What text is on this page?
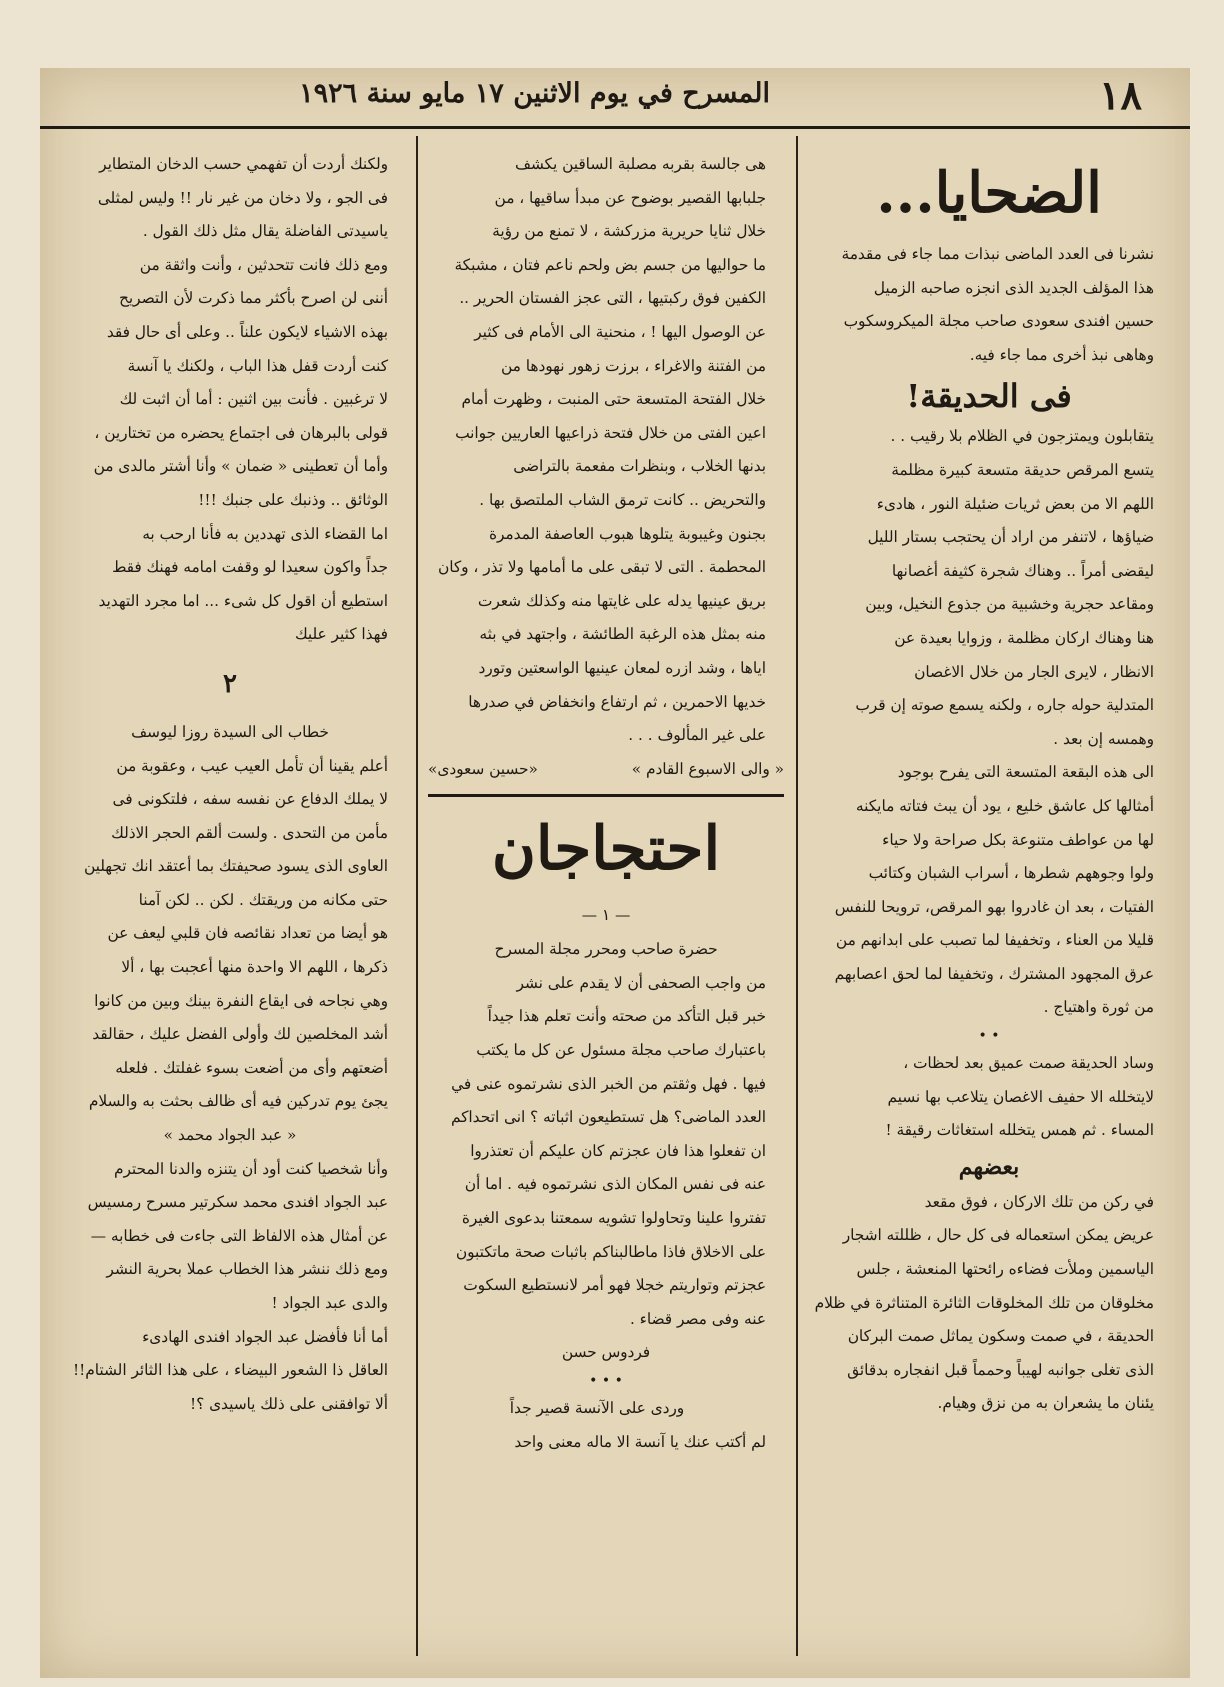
١٨
المسرح في يوم الاثنين ١٧ مايو سنة ١٩٢٦
الضحايا...

نشرنا فى العدد الماضى نبذات مما جاء فى مقدمة

هذا المؤلف الجديد الذى انجزه صاحبه الزميل

حسين افندى سعودى صاحب مجلة الميكروسكوب

وهاهى نبذ أخرى مما جاء فيه.

فى الحديقة!

يتقابلون ويمتزجون في الظلام بلا رقيب . .

يتسع المرقص حديقة متسعة كبيرة مظلمة

اللهم الا من بعض ثريات ضئيلة النور ، هادىء

ضياؤها ، لاتنفر من اراد أن يحتجب بستار الليل

ليقضى أمراً .. وهناك شجرة كثيفة أغصانها

ومقاعد حجرية وخشبية من جذوع النخيل، وبين

هنا وهناك اركان مظلمة ، وزوايا بعيدة عن

الانظار ، لايرى الجار من خلال الاغصان

المتدلية حوله جاره ، ولكنه يسمع صوته إن قرب

وهمسه إن بعد .

الى هذه البقعة المتسعة التى يفرح بوجود

أمثالها كل عاشق خليع ، يود أن يبث فتاته مايكنه

لها من عواطف متنوعة بكل صراحة ولا حياء

ولوا وجوههم شطرها ، أسراب الشبان وكتائب

الفتيات ، بعد ان غادروا بهو المرقص، ترويحا للنفس

قليلا من العناء ، وتخفيفا لما تصبب على ابدانهم من

عرق المجهود المشترك ، وتخفيفا لما لحق اعصابهم

من ثورة واهتياج .

• •

وساد الحديقة صمت عميق بعد لحظات ،

لايتخلله الا حفيف الاغصان يتلاعب بها نسيم

المساء . ثم همس يتخلله استغاثات رقيقة !

بعضهم

في ركن من تلك الاركان ، فوق مقعد

عريض يمكن استعماله فى كل حال ، ظللته اشجار

الياسمين وملأت فضاءه رائحتها المنعشة ، جلس

مخلوقان من تلك المخلوقات الثائرة المتناثرة في ظلام

الحديقة ، في صمت وسكون يماثل صمت البركان

الذى تغلى جوانبه لهيباً وحمماً قبل انفجاره بدقائق

يئنان ما يشعران به من نزق وهيام.

هى جالسة بقربه مصلبة الساقين يكشف

جلبابها القصير بوضوح عن مبدأ ساقيها ، من

خلال ثنايا حريرية مزركشة ، لا تمنع من رؤية

ما حواليها من جسم بض ولحم ناعم فتان ، مشبكة

الكفين فوق ركبتيها ، التى عجز الفستان الحرير ..

عن الوصول اليها ! ، منحنية الى الأمام فى كثير

من الفتنة والاغراء ، برزت زهور نهودها من

خلال الفتحة المتسعة حتى المنبت ، وظهرت أمام

اعين الفتى من خلال فتحة ذراعيها العاريين جوانب

بدنها الخلاب ، وبنظرات مفعمة بالتراضى

والتحريض .. كانت ترمق الشاب الملتصق بها .

بجنون وغيبوبة يتلوها هبوب العاصفة المدمرة

المحطمة . التى لا تبقى على ما أمامها ولا تذر ، وكان

بريق عينيها يدله على غايتها منه وكذلك شعرت

منه بمثل هذه الرغبة الطائشة ، واجتهد في بثه

اياها ، وشد ازره لمعان عينيها الواسعتين وتورد

خديها الاحمرين ، ثم ارتفاع وانخفاض في صدرها

على غير المألوف . . .

« والى الاسبوع القادم »
«حسين سعودى»
احتجاجان
— ١ —
حضرة صاحب ومحرر مجلة المسرح

من واجب الصحفى أن لا يقدم على نشر

خبر قبل التأكد من صحته وأنت تعلم هذا جيداً

باعتبارك صاحب مجلة مسئول عن كل ما يكتب

فيها . فهل وثقتم من الخبر الذى نشرتموه عنى في

العدد الماضى؟ هل تستطيعون اثباته ؟ انى اتحداكم

ان تفعلوا هذا فان عجزتم كان عليكم أن تعتذروا

عنه فى نفس المكان الذى نشرتموه فيه . اما أن

تفتروا علينا وتحاولوا تشويه سمعتنا بدعوى الغيرة

على الاخلاق فاذا ماطالبناكم باثبات صحة ماتكتبون

عجزتم وتواريتم خجلا فهو أمر لانستطيع السكوت

عنه وفى مصر قضاء .

فردوس حسن
• • •

وردى على الآنسة قصير جداً

لم أكتب عنك يا آنسة الا ماله معنى واحد

ولكنك أردت أن تفهمي حسب الدخان المتطاير

فى الجو ، ولا دخان من غير نار !! وليس لمثلى

ياسيدتى الفاضلة يقال مثل ذلك القول .

ومع ذلك فانت تتحدثين ، وأنت واثقة من

أننى لن اصرح بأكثر مما ذكرت لأن التصريح

بهذه الاشياء لايكون علناً .. وعلى أى حال فقد

كنت أردت قفل هذا الباب ، ولكنك يا آنسة

لا ترغبين . فأنت بين اثنين : أما أن اثبت لك

قولى بالبرهان فى اجتماع يحضره من تختارين ،

وأما أن تعطينى « ضمان » وأنا أشتر مالدى من

الوثائق .. وذنبك على جنبك !!!

اما القضاء الذى تهددين به فأنا ارحب به

جداً واكون سعيدا لو وقفت امامه فهنك فقط

استطيع أن اقول كل شىء ... اما مجرد التهديد

فهذا كثير عليك

٢
خطاب الى السيدة روزا ليوسف

أعلم يقينا أن تأمل العيب عيب ، وعقوبة من

لا يملك الدفاع عن نفسه سفه ، فلتكونى فى

مأمن من التحدى . ولست ألقم الحجر الاذلك

العاوى الذى يسود صحيفتك بما أعتقد انك تجهلين

حتى مكانه من وريقتك . لكن .. لكن آمنا

هو أيضا من تعداد نقائصه فان قلبي ليعف عن

ذكرها ، اللهم الا واحدة منها أعجبت بها ، ألا

وهي نجاحه فى ايقاع النفرة بينك وبين من كانوا

أشد المخلصين لك وأولى الفضل عليك ، حقالقد

أضعتهم وأى من أضعت بسوء غفلتك . فلعله

يجئ يوم تدركين فيه أى ظالف بحثت به والسلام

« عبد الجواد محمد »

وأنا شخصيا كنت أود أن يتنزه والدنا المحترم

عبد الجواد افندى محمد سكرتير مسرح رمسيس

عن أمثال هذه الالفاظ التى جاءت فى خطابه —

ومع ذلك ننشر هذا الخطاب عملا بحرية النشر

والدى عبد الجواد !

أما أنا فأفضل عبد الجواد افندى الهادىء

العاقل ذا الشعور البيضاء ، على هذا الثائر الشتام!!

ألا توافقنى على ذلك ياسيدى ؟!
